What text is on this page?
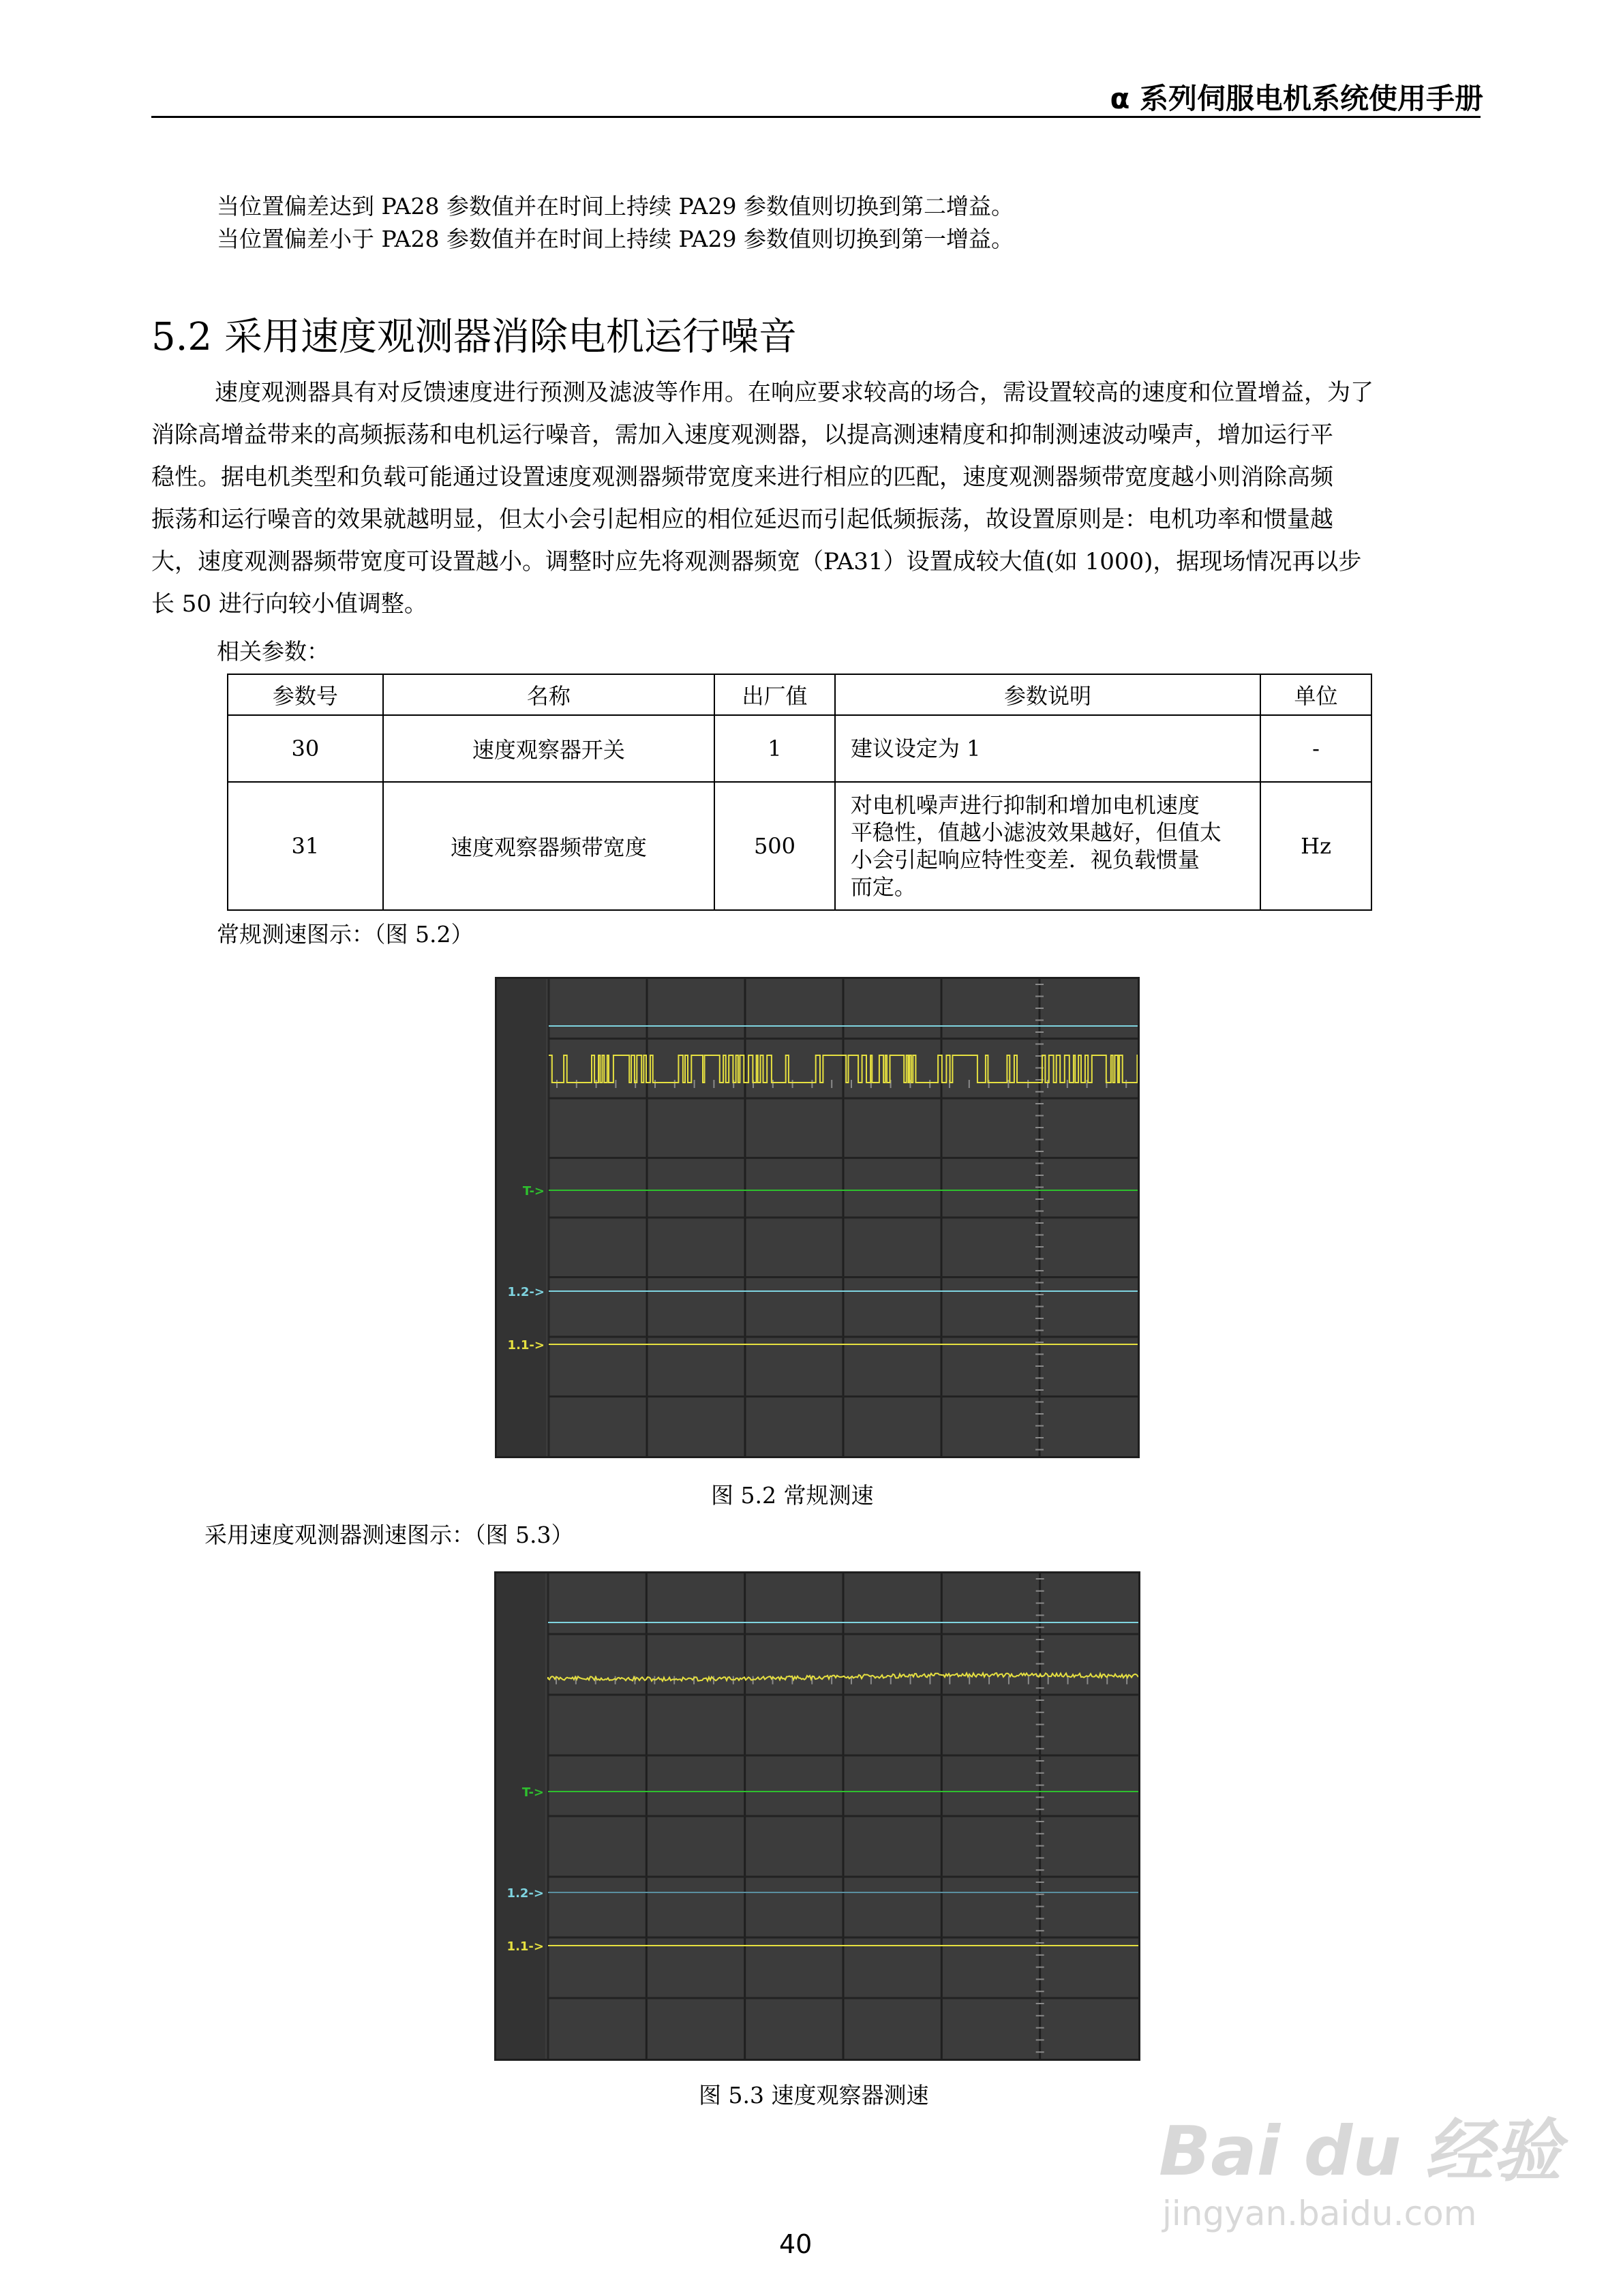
α 系列伺服电机系统使用手册
当位置偏差达到 PA28 参数值并在时间上持续 PA29 参数值则切换到第二增益。
当位置偏差小于 PA28 参数值并在时间上持续 PA29 参数值则切换到第一增益。
5.2 采用速度观测器消除电机运行噪音
速度观测器具有对反馈速度进行预测及滤波等作用。在响应要求较高的场合，需设置较高的速度和位置增益，为了
消除高增益带来的高频振荡和电机运行噪音，需加入速度观测器，以提高测速精度和抑制测速波动噪声，增加运行平
稳性。据电机类型和负载可能通过设置速度观测器频带宽度来进行相应的匹配，速度观测器频带宽度越小则消除高频
振荡和运行噪音的效果就越明显，但太小会引起相应的相位延迟而引起低频振荡，故设置原则是：电机功率和惯量越
大，速度观测器频带宽度可设置越小。调整时应先将观测器频宽（PA31）设置成较大值(如 1000)，据现场情况再以步
长 50 进行向较小值调整。
相关参数：
参数号	名称	出厂值	参数说明	单位
30	速度观察器开关	1	建议设定为 1	-
31	速度观察器频带宽度	500	对电机噪声进行抑制和增加电机速度
平稳性，值越小滤波效果越好，但值太
小会引起响应特性变差．视负载惯量
而定。	Hz
常规测速图示：（图 5.2）
T->
1.2->
1.1->
图 5.2 常规测速
采用速度观测器测速图示：（图 5.3）
T->
1.2->
1.1->
图 5.3 速度观察器测速
40
Bai du 经验
jingyan.baidu.com
